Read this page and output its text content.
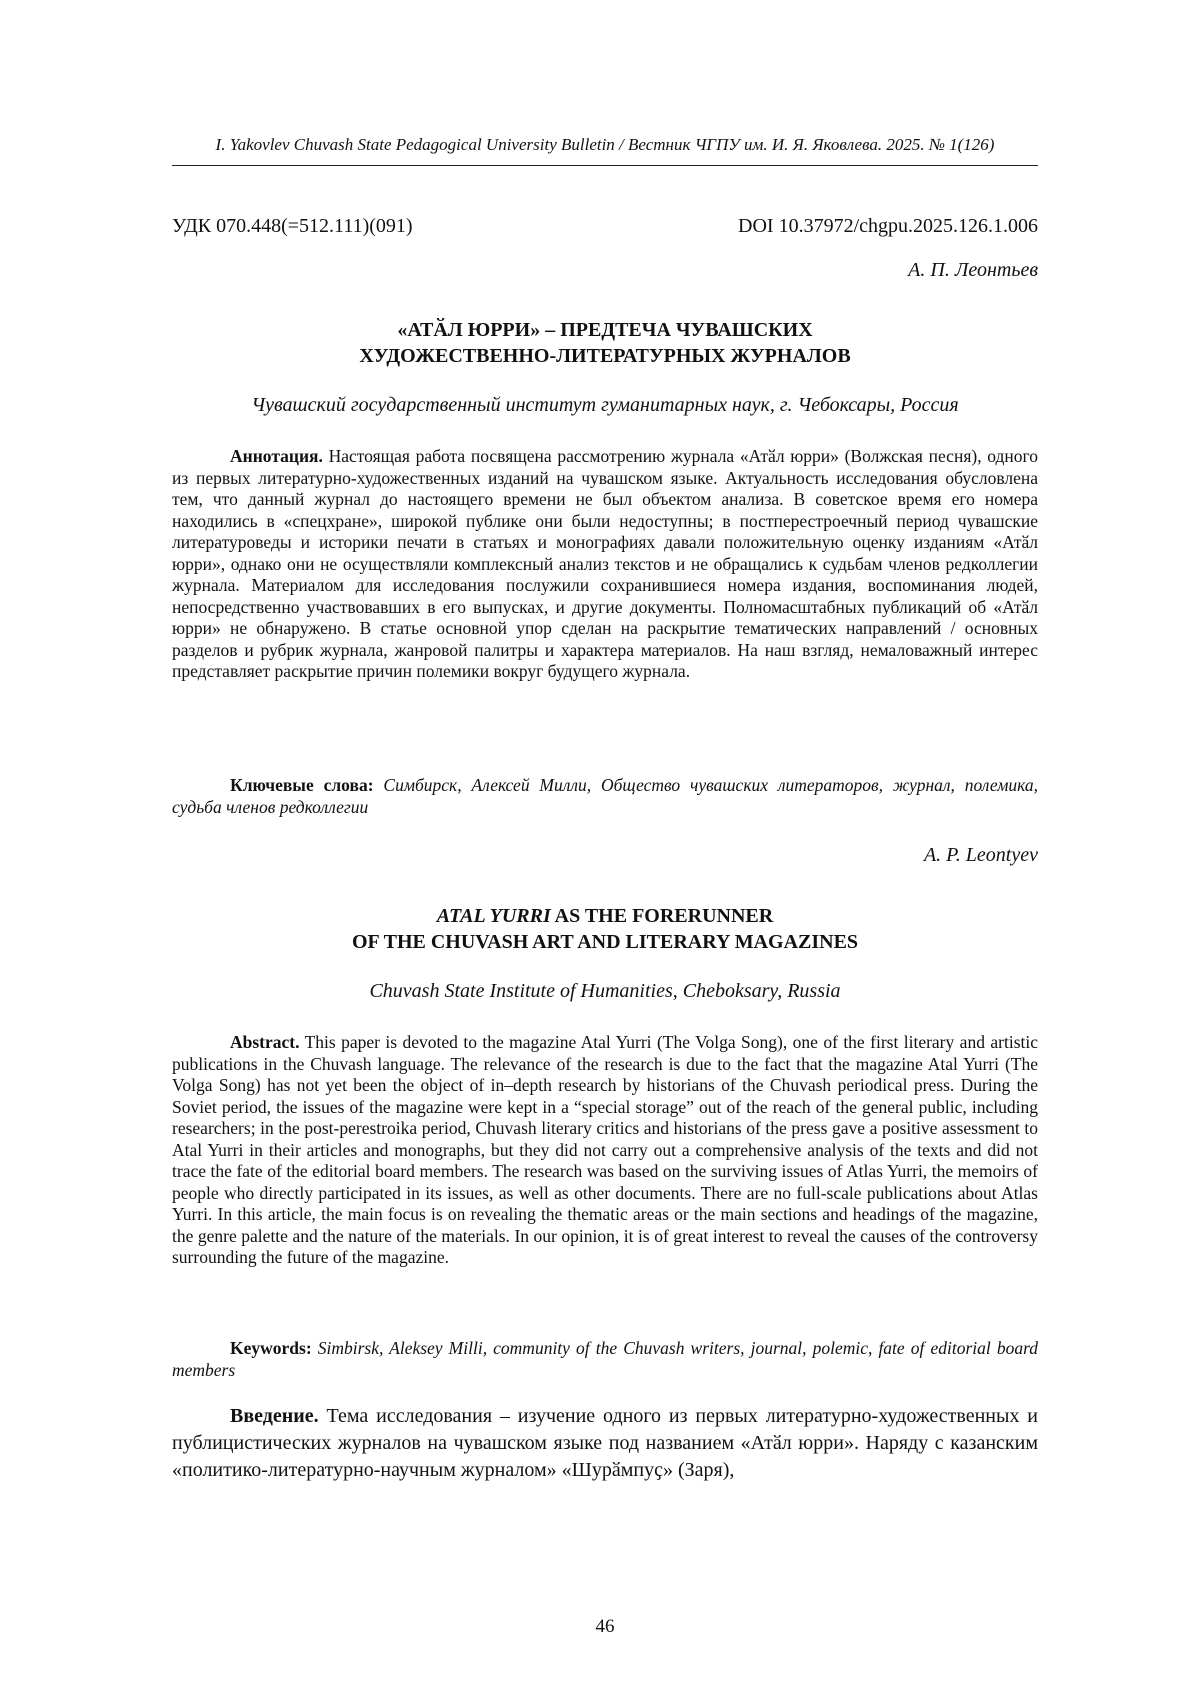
I. Yakovlev Chuvash State Pedagogical University Bulletin / Вестник ЧГПУ им. И. Я. Яковлева. 2025. № 1(126)
УДК 070.448(=512.111)(091)	DOI 10.37972/chgpu.2025.126.1.006
А. П. Леонтьев
«АТӐЛ ЮРРИ» – ПРЕДТЕЧА ЧУВАШСКИХ
ХУДОЖЕСТВЕННО-ЛИТЕРАТУРНЫХ ЖУРНАЛОВ
Чувашский государственный институт гуманитарных наук, г. Чебоксары, Россия

Аннотация. Настоящая работа посвящена рассмотрению журнала «Атӑл юрри» (Волжская песня), одного из первых литературно-художественных изданий на чувашском языке. Актуальность исследования обусловлена тем, что данный журнал до настоящего времени не был объектом анализа. В советское время его номера находились в «спецхране», широкой публике они были недоступны; в постперестроечный период чувашские литературоведы и историки печати в статьях и монографиях давали положительную оценку изданиям «Атӑл юрри», однако они не осуществляли комплексный анализ текстов и не обращались к судьбам членов редколлегии журнала. Материалом для исследования послужили сохранившиеся номера издания, воспоминания людей, непосредственно участвовавших в его выпусках, и другие документы. Полномасштабных публикаций об «Атӑл юрри» не обнаружено. В статье основной упор сделан на раскрытие тематических направлений / основных разделов и рубрик журнала, жанровой палитры и характера материалов. На наш взгляд, немаловажный интерес представляет раскрытие причин полемики вокруг будущего журнала.

Ключевые слова: Симбирск, Алексей Милли, Общество чувашских литераторов, журнал, полемика, судьба членов редколлегии

A. P. Leontyev
ATAL YURRI AS THE FORERUNNER
OF THE CHUVASH ART AND LITERARY MAGAZINES
Chuvash State Institute of Humanities, Cheboksary, Russia

Abstract. This paper is devoted to the magazine Atal Yurri (The Volga Song), one of the first literary and artistic publications in the Chuvash language. The relevance of the research is due to the fact that the magazine Atal Yurri (The Volga Song) has not yet been the object of in–depth research by historians of the Chuvash periodical press. During the Soviet period, the issues of the magazine were kept in a “special storage” out of the reach of the general public, including researchers; in the post-perestroika period, Chuvash literary critics and historians of the press gave a positive assessment to Atal Yurri in their articles and monographs, but they did not carry out a comprehensive analysis of the texts and did not trace the fate of the editorial board members. The research was based on the surviving issues of Atlas Yurri, the memoirs of people who directly participated in its issues, as well as other documents. There are no full-scale publications about Atlas Yurri. In this article, the main focus is on revealing the thematic areas or the main sections and headings of the magazine, the genre palette and the nature of the materials. In our opinion, it is of great interest to reveal the causes of the controversy surrounding the future of the magazine.

Keywords: Simbirsk, Aleksey Milli, community of the Chuvash writers, journal, polemic, fate of editorial board members

Введение. Тема исследования – изучение одного из первых литературно-художественных и публицистических журналов на чувашском языке под названием «Атӑл юрри». Наряду с казанским «политико-литературно-научным журналом» «Шурӑмпуҫ» (Заря),

46
